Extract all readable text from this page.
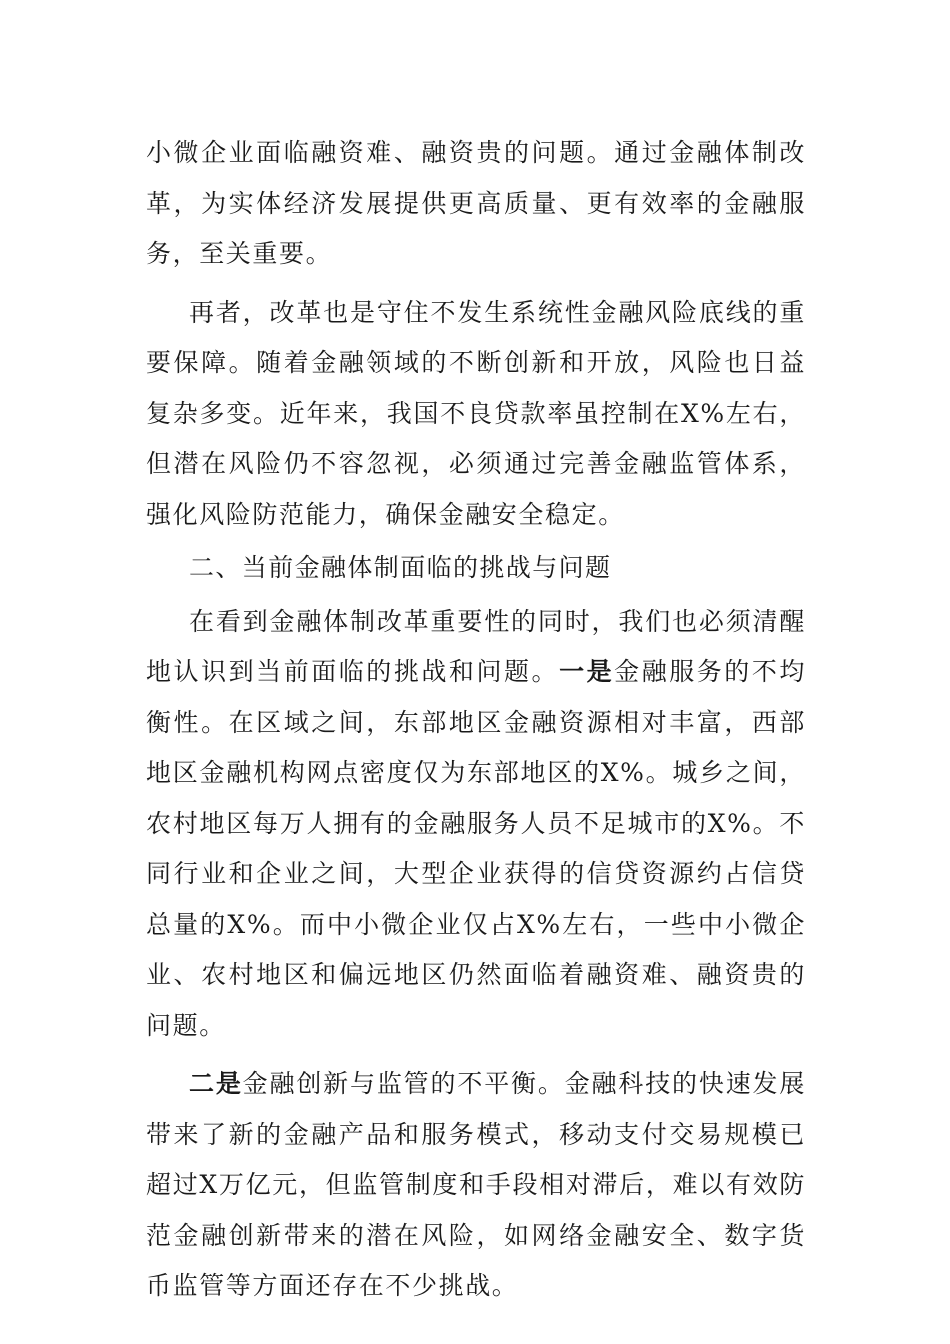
小微企业面临融资难、融资贵的问题。通过金融体制改革，为实体经济发展提供更高质量、更有效率的金融服务，至关重要。

再者，改革也是守住不发生系统性金融风险底线的重要保障。随着金融领域的不断创新和开放，风险也日益复杂多变。近年来，我国不良贷款率虽控制在X%左右，但潜在风险仍不容忽视，必须通过完善金融监管体系，强化风险防范能力，确保金融安全稳定。

二、当前金融体制面临的挑战与问题

在看到金融体制改革重要性的同时，我们也必须清醒地认识到当前面临的挑战和问题。一是金融服务的不均衡性。在区域之间，东部地区金融资源相对丰富，西部地区金融机构网点密度仅为东部地区的X%。城乡之间，农村地区每万人拥有的金融服务人员不足城市的X%。不同行业和企业之间，大型企业获得的信贷资源约占信贷总量的X%。而中小微企业仅占X%左右，一些中小微企业、农村地区和偏远地区仍然面临着融资难、融资贵的问题。

二是金融创新与监管的不平衡。金融科技的快速发展带来了新的金融产品和服务模式，移动支付交易规模已超过X万亿元，但监管制度和手段相对滞后，难以有效防范金融创新带来的潜在风险，如网络金融安全、数字货币监管等方面还存在不少挑战。
